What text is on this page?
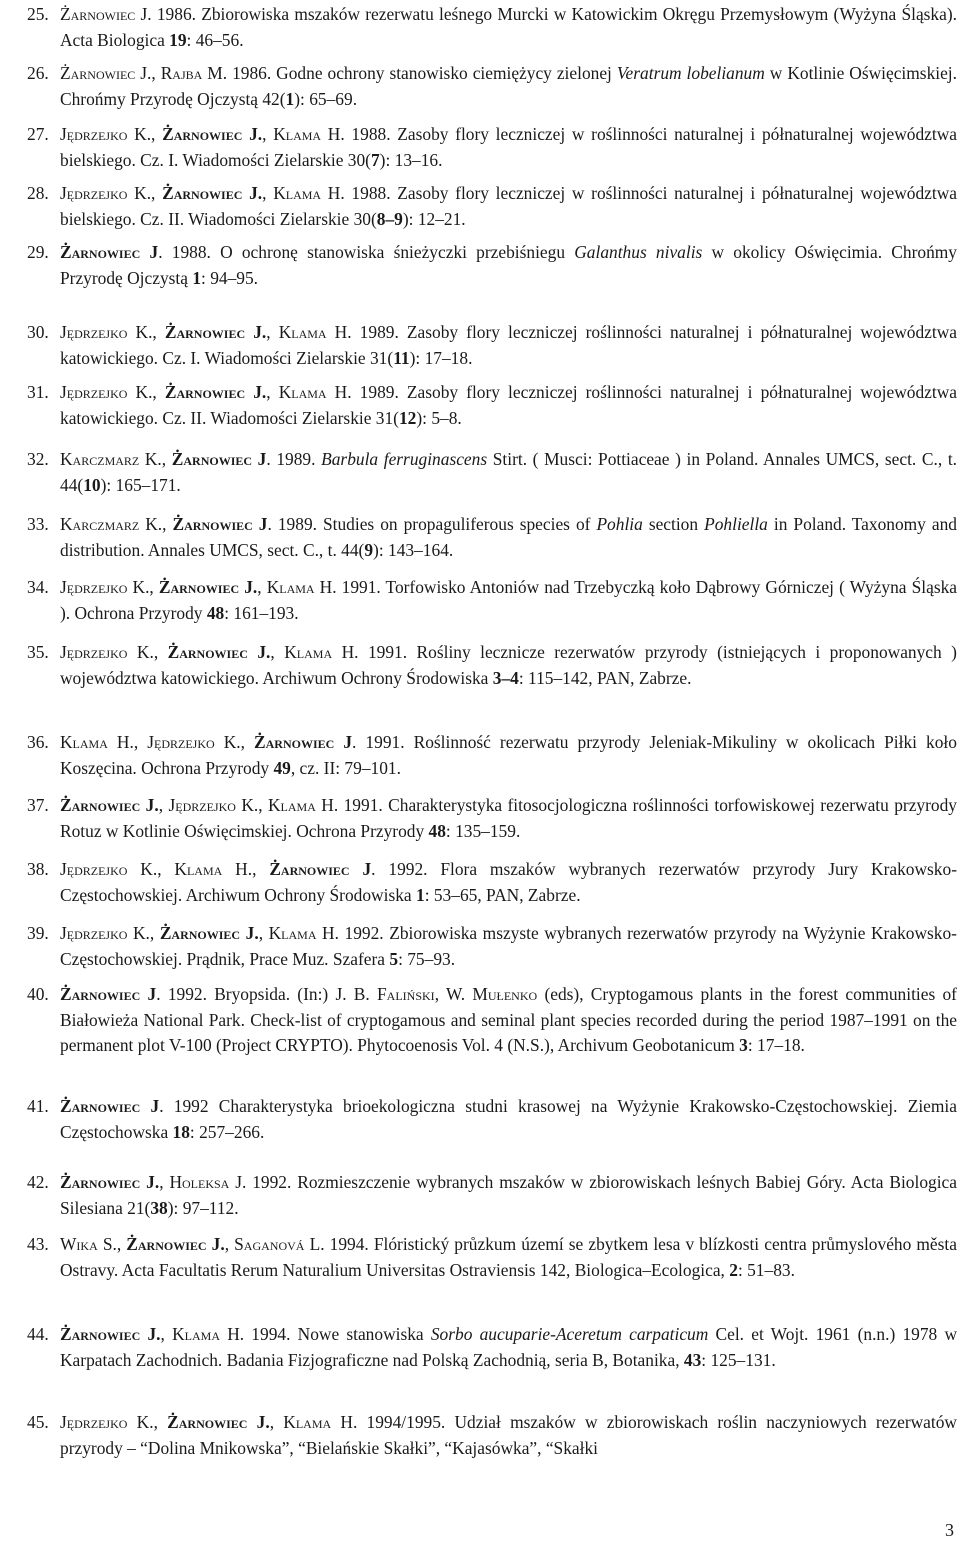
25. Żarnowiec J. 1986. Zbiorowiska mszaków rezerwatu leśnego Murcki w Katowickim Okręgu Przemysłowym (Wyżyna Śląska). Acta Biologica 19: 46–56.
26. Żarnowiec J., Rajba M. 1986. Godne ochrony stanowisko ciemiężycy zielonej Veratrum lobelianum w Kotlinie Oświęcimskiej. Chrońmy Przyrodę Ojczystą 42(1): 65–69.
27. Jędrzejko K., Żarnowiec J., Klama H. 1988. Zasoby flory leczniczej w roślinności naturalnej i półnaturalnej województwa bielskiego. Cz. I. Wiadomości Zielarskie 30(7): 13–16.
28. Jędrzejko K., Żarnowiec J., Klama H. 1988. Zasoby flory leczniczej w roślinności naturalnej i półnaturalnej województwa bielskiego. Cz. II. Wiadomości Zielarskie 30(8–9): 12–21.
29. Żarnowiec J. 1988. O ochronę stanowiska śnieżyczki przebiśniegu Galanthus nivalis w okolicy Oświęcimia. Chrońmy Przyrodę Ojczystą 1: 94–95.
30. Jędrzejko K., Żarnowiec J., Klama H. 1989. Zasoby flory leczniczej roślinności naturalnej i półnaturalnej województwa katowickiego. Cz. I. Wiadomości Zielarskie 31(11): 17–18.
31. Jędrzejko K., Żarnowiec J., Klama H. 1989. Zasoby flory leczniczej roślinności naturalnej i półnaturalnej województwa katowickiego. Cz. II. Wiadomości Zielarskie 31(12): 5–8.
32. Karczmarz K., Żarnowiec J. 1989. Barbula ferruginascens Stirt. ( Musci: Pottiaceae ) in Poland. Annales UMCS, sect. C., t. 44(10): 165–171.
33. Karczmarz K., Żarnowiec J. 1989. Studies on propaguliferous species of Pohlia section Pohliella in Poland. Taxonomy and distribution. Annales UMCS, sect. C., t. 44(9): 143–164.
34. Jędrzejko K., Żarnowiec J., Klama H. 1991. Torfowisko Antoniów nad Trzebyczką koło Dąbrowy Górniczej ( Wyżyna Śląska ). Ochrona Przyrody 48: 161–193.
35. Jędrzejko K., Żarnowiec J., Klama H. 1991. Rośliny lecznicze rezerwatów przyrody (istniejących i proponowanych ) województwa katowickiego. Archiwum Ochrony Środowiska 3–4: 115–142, PAN, Zabrze.
36. Klama H., Jędrzejko K., Żarnowiec J. 1991. Roślinność rezerwatu przyrody Jeleniak-Mikuliny w okolicach Piłki koło Koszęcina. Ochrona Przyrody 49, cz. II: 79–101.
37. Żarnowiec J., Jędrzejko K., Klama H. 1991. Charakterystyka fitosocjologiczna roślinności torfowiskowej rezerwatu przyrody Rotuz w Kotlinie Oświęcimskiej. Ochrona Przyrody 48: 135–159.
38. Jędrzejko K., Klama H., Żarnowiec J. 1992. Flora mszaków wybranych rezerwatów przyrody Jury Krakowsko-Częstochowskiej. Archiwum Ochrony Środowiska 1: 53–65, PAN, Zabrze.
39. Jędrzejko K., Żarnowiec J., Klama H. 1992. Zbiorowiska mszyste wybranych rezerwatów przyrody na Wyżynie Krakowsko-Częstochowskiej. Prądnik, Prace Muz. Szafera 5: 75–93.
40. Żarnowiec J. 1992. Bryopsida. (In:) J. B. Faliński, W. Mułenko (eds), Cryptogamous plants in the forest communities of Białowieża National Park. Check-list of cryptogamous and seminal plant species recorded during the period 1987–1991 on the permanent plot V-100 (Project CRYPTO). Phytocoenosis Vol. 4 (N.S.), Archivum Geobotanicum 3: 17–18.
41. Żarnowiec J. 1992 Charakterystyka brioekologiczna studni krasowej na Wyżynie Krakowsko-Częstochowskiej. Ziemia Częstochowska 18: 257–266.
42. Żarnowiec J., Holeksa J. 1992. Rozmieszczenie wybranych mszaków w zbiorowiskach leśnych Babiej Góry. Acta Biologica Silesiana 21(38): 97–112.
43. Wika S., Żarnowiec J., Saganová L. 1994. Flóristický průzkum území se zbytkem lesa v blízkosti centra průmyslového města Ostravy. Acta Facultatis Rerum Naturalium Universitas Ostraviensis 142, Biologica–Ecologica, 2: 51–83.
44. Żarnowiec J., Klama H. 1994. Nowe stanowiska Sorbo aucuparie-Aceretum carpaticum Cel. et Wojt. 1961 (n.n.) 1978 w Karpatach Zachodnich. Badania Fizjograficzne nad Polską Zachodnią, seria B, Botanika, 43: 125–131.
45. Jędrzejko K., Żarnowiec J., Klama H. 1994/1995. Udział mszaków w zbiorowiskach roślin naczyniowych rezerwatów przyrody – “Dolina Mnikowska”, “Bielańskie Skałki”, “Kajasówka”, “Skałki
3
